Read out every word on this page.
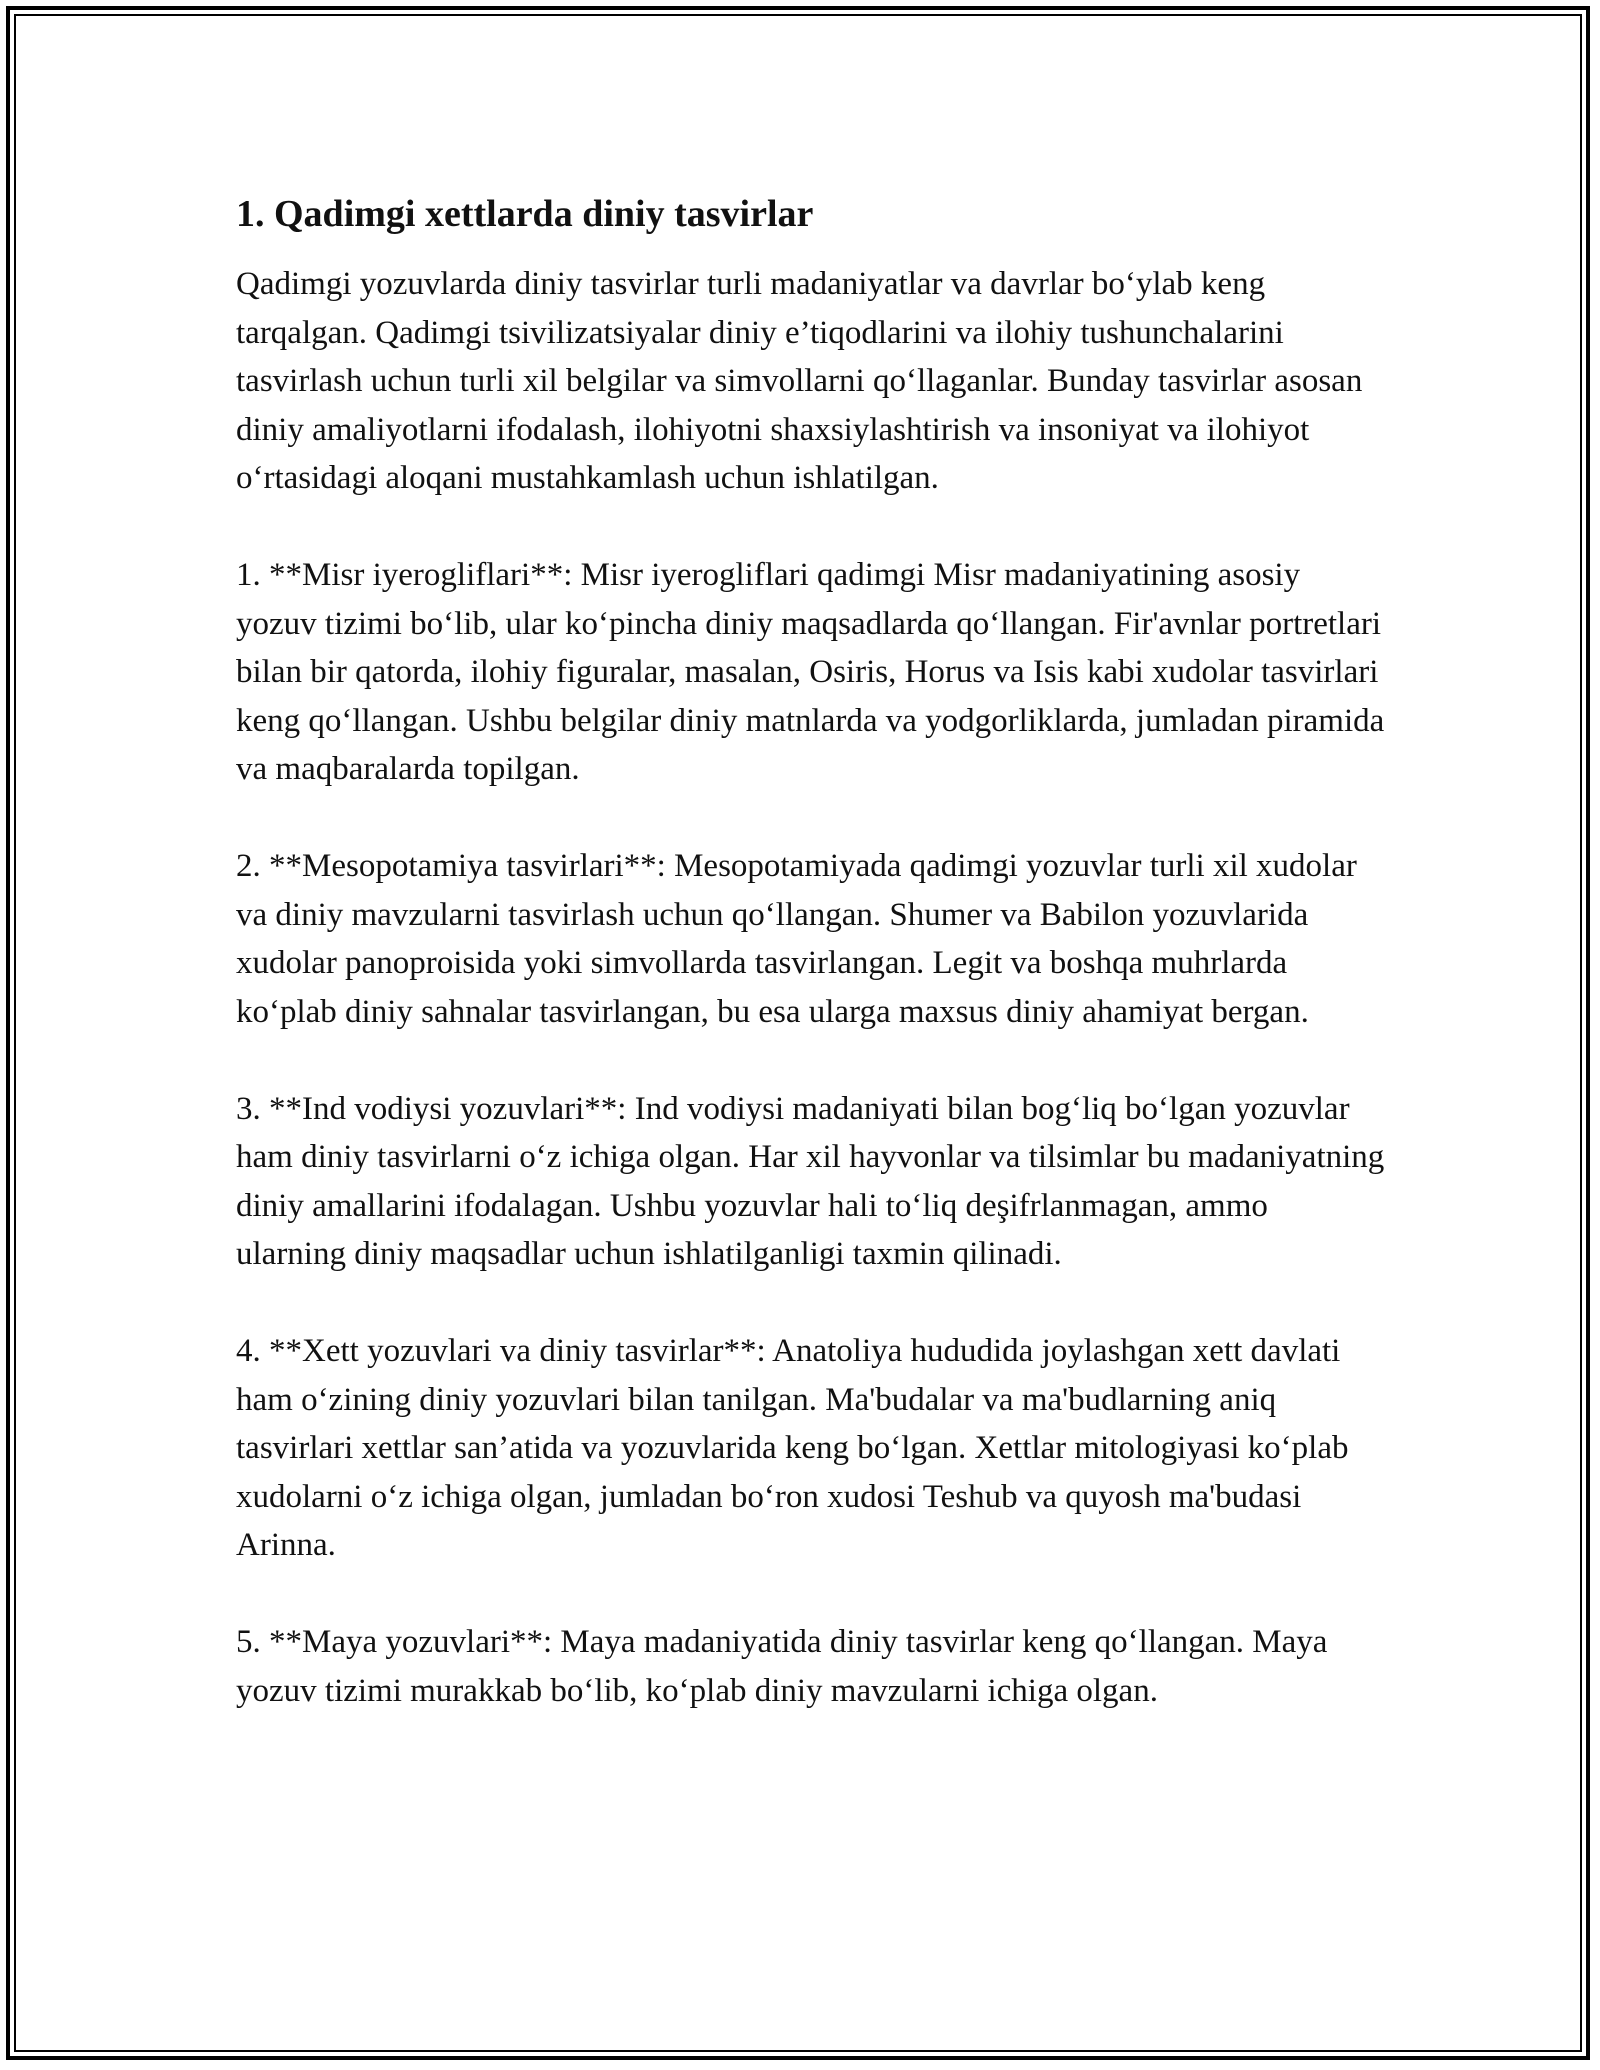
1. Qadimgi xettlarda diniy tasvirlar

Qadimgi yozuvlarda diniy tasvirlar turli madaniyatlar va davrlar bo‘ylab keng tarqalgan. Qadimgi tsivilizatsiyalar diniy e’tiqodlarini va ilohiy tushunchalarini tasvirlash uchun turli xil belgilar va simvollarni qo‘llaganlar. Bunday tasvirlar asosan diniy amaliyotlarni ifodalash, ilohiyotni shaxsiylashtirish va insoniyat va ilohiyot o‘rtasidagi aloqani mustahkamlash uchun ishlatilgan.

1. **Misr iyerogliflari**: Misr iyerogliflari qadimgi Misr madaniyatining asosiy yozuv tizimi bo‘lib, ular ko‘pincha diniy maqsadlarda qo‘llangan. Fir'avnlar portretlari bilan bir qatorda, ilohiy figuralar, masalan, Osiris, Horus va Isis kabi xudolar tasvirlari keng qo‘llangan. Ushbu belgilar diniy matnlarda va yodgorliklarda, jumladan piramida va maqbaralarda topilgan.

2. **Mesopotamiya tasvirlari**: Mesopotamiyada qadimgi yozuvlar turli xil xudolar va diniy mavzularni tasvirlash uchun qo‘llangan. Shumer va Babilon yozuvlarida xudolar panoproisida yoki simvollarda tasvirlangan. Legit va boshqa muhrlarda ko‘plab diniy sahnalar tasvirlangan, bu esa ularga maxsus diniy ahamiyat bergan.

3. **Ind vodiysi yozuvlari**: Ind vodiysi madaniyati bilan bog‘liq bo‘lgan yozuvlar ham diniy tasvirlarni o‘z ichiga olgan. Har xil hayvonlar va tilsimlar bu madaniyatning diniy amallarini ifodalagan. Ushbu yozuvlar hali to‘liq deşifrlanmagan, ammo ularning diniy maqsadlar uchun ishlatilganligi taxmin qilinadi.

4. **Xett yozuvlari va diniy tasvirlar**: Anatoliya hududida joylashgan xett davlati ham o‘zining diniy yozuvlari bilan tanilgan. Ma'budalar va ma'budlarning aniq tasvirlari xettlar san’atida va yozuvlarida keng bo‘lgan. Xettlar mitologiyasi ko‘plab xudolarni o‘z ichiga olgan, jumladan bo‘ron xudosi Teshub va quyosh ma'budasi Arinna.

5. **Maya yozuvlari**: Maya madaniyatida diniy tasvirlar keng qo‘llangan. Maya yozuv tizimi murakkab bo‘lib, ko‘plab diniy mavzularni ichiga olgan.
